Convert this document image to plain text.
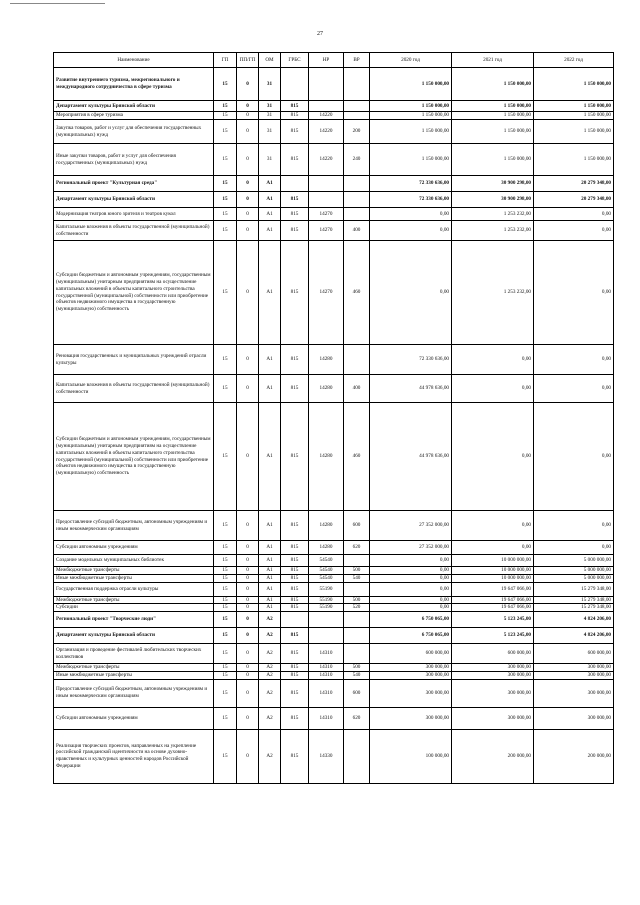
27
Наименование	ГП	ПП/ГП	ОМ	ГРБС	НР	ВР	2020 год	2021 год	2022 год
Развитие внутреннего туризма, межрегионального и международного сотрудничества в сфере туризма	15	0	31				1 150 000,00	1 150 000,00	1 150 000,00
Департамент культуры Брянской области	15	0	31	815			1 150 000,00	1 150 000,00	1 150 000,00
Мероприятия в сфере туризма	15	0	31	815	14220		1 150 000,00	1 150 000,00	1 150 000,00
Закупка товаров, работ и услуг для обеспечения государственных (муниципальных) нужд	15	0	31	815	14220	200	1 150 000,00	1 150 000,00	1 150 000,00
Иные закупки товаров, работ и услуг для обеспечения государственных (муниципальных) нужд	15	0	31	815	14220	240	1 150 000,00	1 150 000,00	1 150 000,00
Региональный проект "Культурная среда"	15	0	A1				72 330 636,00	30 900 298,00	20 279 348,00
Департамент культуры Брянской области	15	0	A1	815			72 330 636,00	30 900 298,00	20 279 348,00
Модернизация театров юного зрителя и театров кукол	15	0	A1	815	14270		0,00	1 253 232,00	0,00
Капитальные вложения в объекты государственной (муниципальной) собственности	15	0	A1	815	14270	400	0,00	1 253 232,00	0,00
Субсидии бюджетным и автономным учреждениям, государственным (муниципальным) унитарным предприятиям на осуществление капитальных вложений в объекты капитального строительства государственной (муниципальной) собственности или приобретение объектов недвижимого имущества в государственную (муниципальную) собственность	15	0	A1	815	14270	460	0,00	1 253 232,00	0,00
Реновация государственных и муниципальных учреждений отрасли культуры	15	0	A1	815	14280		72 330 636,00	0,00	0,00
Капитальные вложения в объекты государственной (муниципальной) собственности	15	0	A1	815	14280	400	44 978 636,00	0,00	0,00
Субсидии бюджетным и автономным учреждениям, государственным (муниципальным) унитарным предприятиям на осуществление капитальных вложений в объекты капитального строительства государственной (муниципальной) собственности или приобретение объектов недвижимого имущества в государственную (муниципальную) собственность	15	0	A1	815	14280	460	44 978 636,00	0,00	0,00
Предоставление субсидий бюджетным, автономным учреждениям и иным некоммерческим организациям	15	0	A1	815	14280	600	27 352 000,00	0,00	0,00
Субсидии автономным учреждениям	15	0	A1	815	14280	620	27 352 000,00	0,00	0,00
Создание модельных муниципальных библиотек	15	0	A1	815	54540		0,00	10 000 000,00	5 000 000,00
Межбюджетные трансферты	15	0	A1	815	54540	500	0,00	10 000 000,00	5 000 000,00
Иные межбюджетные трансферты	15	0	A1	815	54540	540	0,00	10 000 000,00	5 000 000,00
Государственная поддержка отрасли культуры	15	0	A1	815	55190		0,00	19 647 066,00	15 279 348,00
Межбюджетные трансферты	15	0	A1	815	55190	500	0,00	19 647 066,00	15 279 348,00
Субсидии	15	0	A1	815	55190	520	0,00	19 647 066,00	15 279 348,00
Региональный проект "Творческие люди"	15	0	A2				6 750 065,00	5 123 245,00	4 824 206,00
Департамент культуры Брянской области	15	0	A2	815			6 750 065,00	5 123 245,00	4 824 206,00
Организация и проведение фестивалей любительских творческих коллективов	15	0	A2	815	14310		600 000,00	600 000,00	600 000,00
Межбюджетные трансферты	15	0	A2	815	14310	500	300 000,00	300 000,00	300 000,00
Иные межбюджетные трансферты	15	0	A2	815	14310	540	300 000,00	300 000,00	300 000,00
Предоставление субсидий бюджетным, автономным учреждениям и иным некоммерческим организациям	15	0	A2	815	14310	600	300 000,00	300 000,00	300 000,00
Субсидии автономным учреждениям	15	0	A2	815	14310	620	300 000,00	300 000,00	300 000,00
Реализация творческих проектов, направленных на укрепление российской гражданской идентичности на основе духовно-нравственных и культурных ценностей народов Российской Федерации	15	0	A2	815	14330		100 000,00	200 000,00	200 000,00
